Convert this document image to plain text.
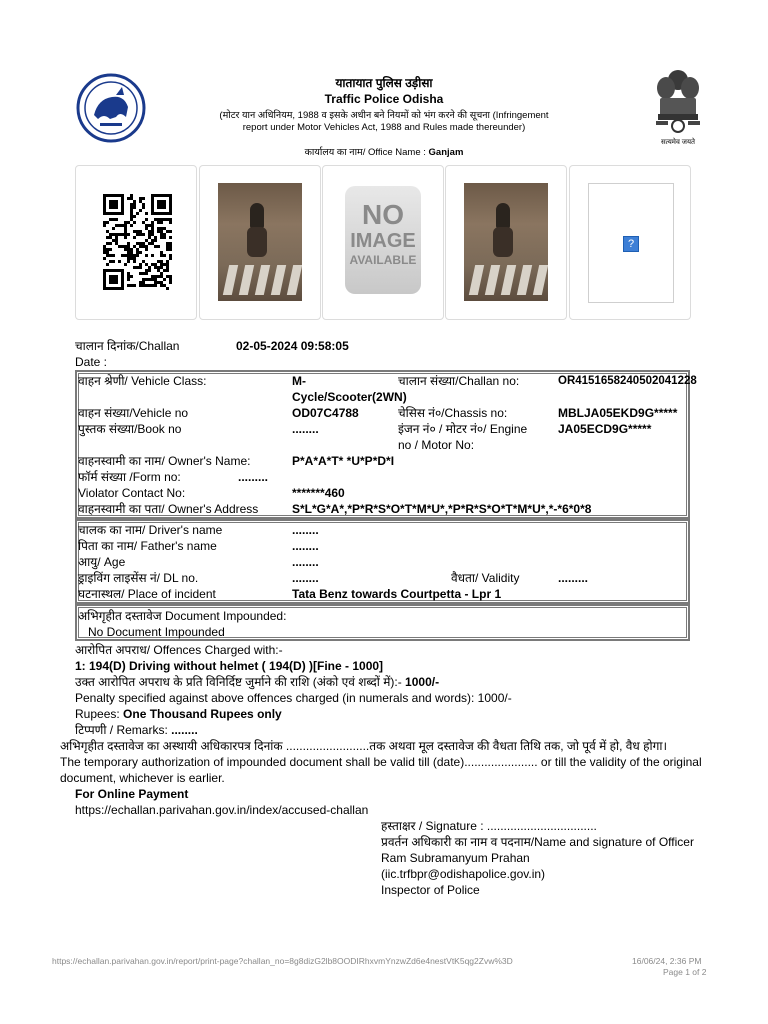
सत्यमेव जयते
यातायात पुलिस उड़ीसा
Traffic Police Odisha
(मोटर यान अधिनियम, 1988 व इसके अधीन बने नियमों को भंग करने की सूचना (Infringement
report under Motor Vehicles Act, 1988 and Rules made thereunder)
कार्यालय का नाम/ Office Name : Ganjam
NO
IMAGE
AVAILABLE
?
चालान दिनांक/Challan
Date :
02-05-2024 09:58:05
वाहन श्रेणी/ Vehicle Class:	M-
Cycle/Scooter(2WN)
चालान संख्या/Challan no:	OR415165824050204122​8
वाहन संख्या/Vehicle no	OD07C4788	चेसिस नं०/Chassis no:	MBLJA05EKD9G*****
पुस्तक संख्या/Book no	........	इंजन नं० / मोटर नं०/ Engine
no / Motor No:
JA05ECD9G*****
वाहनस्वामी का नाम/ Owner's Name:	P*A*A*T* *U*P*D*I
फॉर्म संख्या /Form no:	.........
Violator Contact No:	*******460
वाहनस्वामी का पता/ Owner's Address	S*L*G*A*,*P*R*S*O*T*M*U*,*P*R*S*O*T*M*U*,*-*6*0*8
चालक का नाम/ Driver's name	........
पिता का नाम/ Father's name	........
आयु/ Age	........
ड्राइविंग लाइसेंस नं/ DL no.	........	वैधता/ Validity	.........
घटनास्थल/ Place of incident	Tata Benz towards Courtpetta - Lpr 1
अभिगृहीत दस्तावेज Document Impounded:
No Document Impounded
आरोपित अपराध/ Offences Charged with:-
1: 194(D) Driving without helmet ( 194(D) )[Fine - 1000]
उक्त आरोपित अपराध के प्रति विनिर्दिष्ट जुर्माने की राशि (अंको एवं शब्दों में):- 1000/-
Penalty specified against above offences charged (in numerals and words): 1000/-
Rupees: One Thousand Rupees only
टिप्पणी / Remarks: ........
अभिगृहीत दस्तावेज का अस्थायी अधिकारपत्र दिनांक .........................तक अथवा मूल दस्तावेज की वैधता तिथि तक, जो पूर्व में हो, वैध होगा।
The temporary authorization of impounded document shall be valid till (date)...................... or till the validity of the original
document, whichever is earlier.
For Online Payment
https://echallan.parivahan.gov.in/index/accused-challan
हस्ताक्षर / Signature : .................................
प्रवर्तन अधिकारी का नाम व पदनाम/Name and signature of Officer
Ram Subramanyum Prahan
(iic.trfbpr@odishapolice.gov.in)
Inspector of Police
https://echallan.parivahan.gov.in/report/print-page?challan_no=8g8dizG2lb8OODIRhxvmYnzwZd6e4nestVtK5qg2Zvw%3D	16/06/24, 2:36 PM
Page 1 of 2
